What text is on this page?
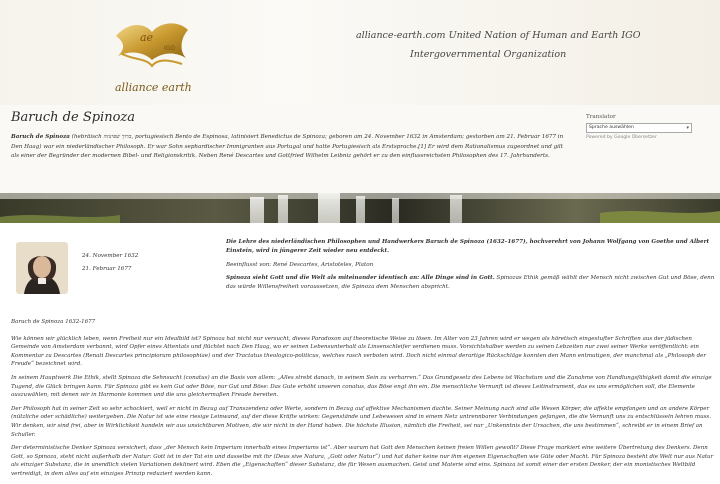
ae
IGO
alliance earth
alliance-earth.com United Nation of Human and Earth IGO
Intergovernmental Organization
Baruch de Spinoza

Baruch de Spinoza (hebräisch ברוך שפינוזה, portugiesisch Bento de Espinosa, latinisiert Benedictus de Spinoza; geboren am 24. November 1632 in Amsterdam; gestorben am 21. Februar 1677 in Den Haag) war ein niederländischer Philosoph. Er war Sohn sephardischer Immigranten aus Portugal und hatte Portugiesisch als Erstsprache.[1] Er wird dem Rationalismus zugeordnet und gilt als einer der Begründer der modernen Bibel- und Religionskritik. Neben René Descartes und Gottfried Wilhelm Leibniz gehört er zu den einflussreichsten Philosophen des 17. Jahrhunderts.

Translator
Sprache auswählen	▾
Powered by Google Übersetzer
24. November 1632
21. Februar 1677

Die Lehre des niederländischen Philosophen und Handwerkers Baruch de Spinoza (1632–1677), hochverehrt von Johann Wolfgang von Goethe und Albert Einstein, wird in jüngerer Zeit wieder neu entdeckt.

Beeinflusst von: René Descartes, Aristoteles, Platon

Spinoza sieht Gott und die Welt als miteinander identisch an: Alle Dinge sind in Gott. Spinozas Ethik gemäß wählt der Mensch nicht zwischen Gut und Böse, denn das würde Willensfreiheit voraussetzen, die Spinoza dem Menschen abspricht.

Baruch de Spinoza 1632-1677

Wie können wir glücklich leben, wenn Freiheit nur ein Idealbild ist? Spinoza hat nicht nur versucht, dieses Paradoxon auf theoretische Weise zu lösen. Im Alter von 23 Jahren wird er wegen als häretisch eingestufter Schriften aus der jüdischen Gemeinde von Amsterdam verbannt, wird Opfer eines Attentats und flüchtet nach Den Haag, wo er seinen Lebensunterhalt als Linsenschleifer verdienen muss. Vorsichtshalber werden zu seinen Lebzeiten nur zwei seiner Werke veröffentlicht: ein Kommentar zu Descartes (Renati Descartes principiorum philosophiae) und der Tractatus theologico-politicus, welches rasch verboten wird. Doch nicht einmal derartige Rückschläge konnten den Mann entmutigen, der manchmal als „Philosoph der Freude“ bezeichnet wird.

In seinem Hauptwerk Die Ethik, stellt Spinoza die Sehnsucht (conatus) an die Basis von allem: „Alles strebt danach, in seinem Sein zu verharren.“ Das Grundgesetz des Lebens ist Wachstum und die Zunahme von Handlungsfähigkeit damit die einzige Tugend, die Glück bringen kann. Für Spinoza gibt es kein Gut oder Böse, nur Gut und Böse: Das Gute erhöht unseren conatus, das Böse engt ihn ein. Die menschliche Vernunft ist dieses Leitinstrument, das es uns ermöglichen soll, die Elemente auszuwählen, mit denen wir in Harmonie kommen und die uns gleichermaßen Freude bereiten.

Der Philosoph hat in seiner Zeit so sehr schockiert, weil er nicht in Bezug auf Transzendenz oder Werte, sondern in Bezug auf affektive Mechanismen dachte. Seiner Meinung nach sind alle Wesen Körper, die affekte empfangen und an andere Körper (nützliche oder schädliche) weitergeben. Die Natur ist wie eine riesige Leinwand, auf der diese Kräfte wirken: Gegenstände und Lebewesen sind in einem Netz untrennbarer Verbindungen gefangen, die die Vernunft uns zu entschlüsseln lehren muss. Wir denken, wir sind frei, aber in Wirklichkeit handeln wir aus unsichtbaren Motiven, die wir nicht in der Hand haben. Die höchste Illusion, nämlich die Freiheit, sei nur „Unkenntnis der Ursachen, die uns bestimmen“, schreibt er in einem Brief an Schuller.

Der deterministische Denker Spinoza versichert, dass „der Mensch kein Imperium innerhalb eines Imperiums ist“. Aber warum hat Gott den Menschen keinen freien Willen gewollt? Diese Frage markiert eine weitere Übertretung des Denkers. Denn Gott, so Spinoza, steht nicht außerhalb der Natur: Gott ist in der Tat ein und dasselbe mit ihr (Deus sive Natura, „Gott oder Natur“) und hat daher keine nur ihm eigenen Eigenschaften wie Güte oder Macht. Für Spinoza besteht die Welt nur aus Natur als einziger Substanz, die in unendlich vielen Variationen deklinert wird. Eben die „Eigenschaften“ dieser Substanz, die für Wesen ausmachen. Geist und Materie sind eins. Spinoza ist somit einer der ersten Denker, der ein monistisches Weltbild vertreidigt, in dem alles auf ein einziges Prinzip reduziert werden kann.
